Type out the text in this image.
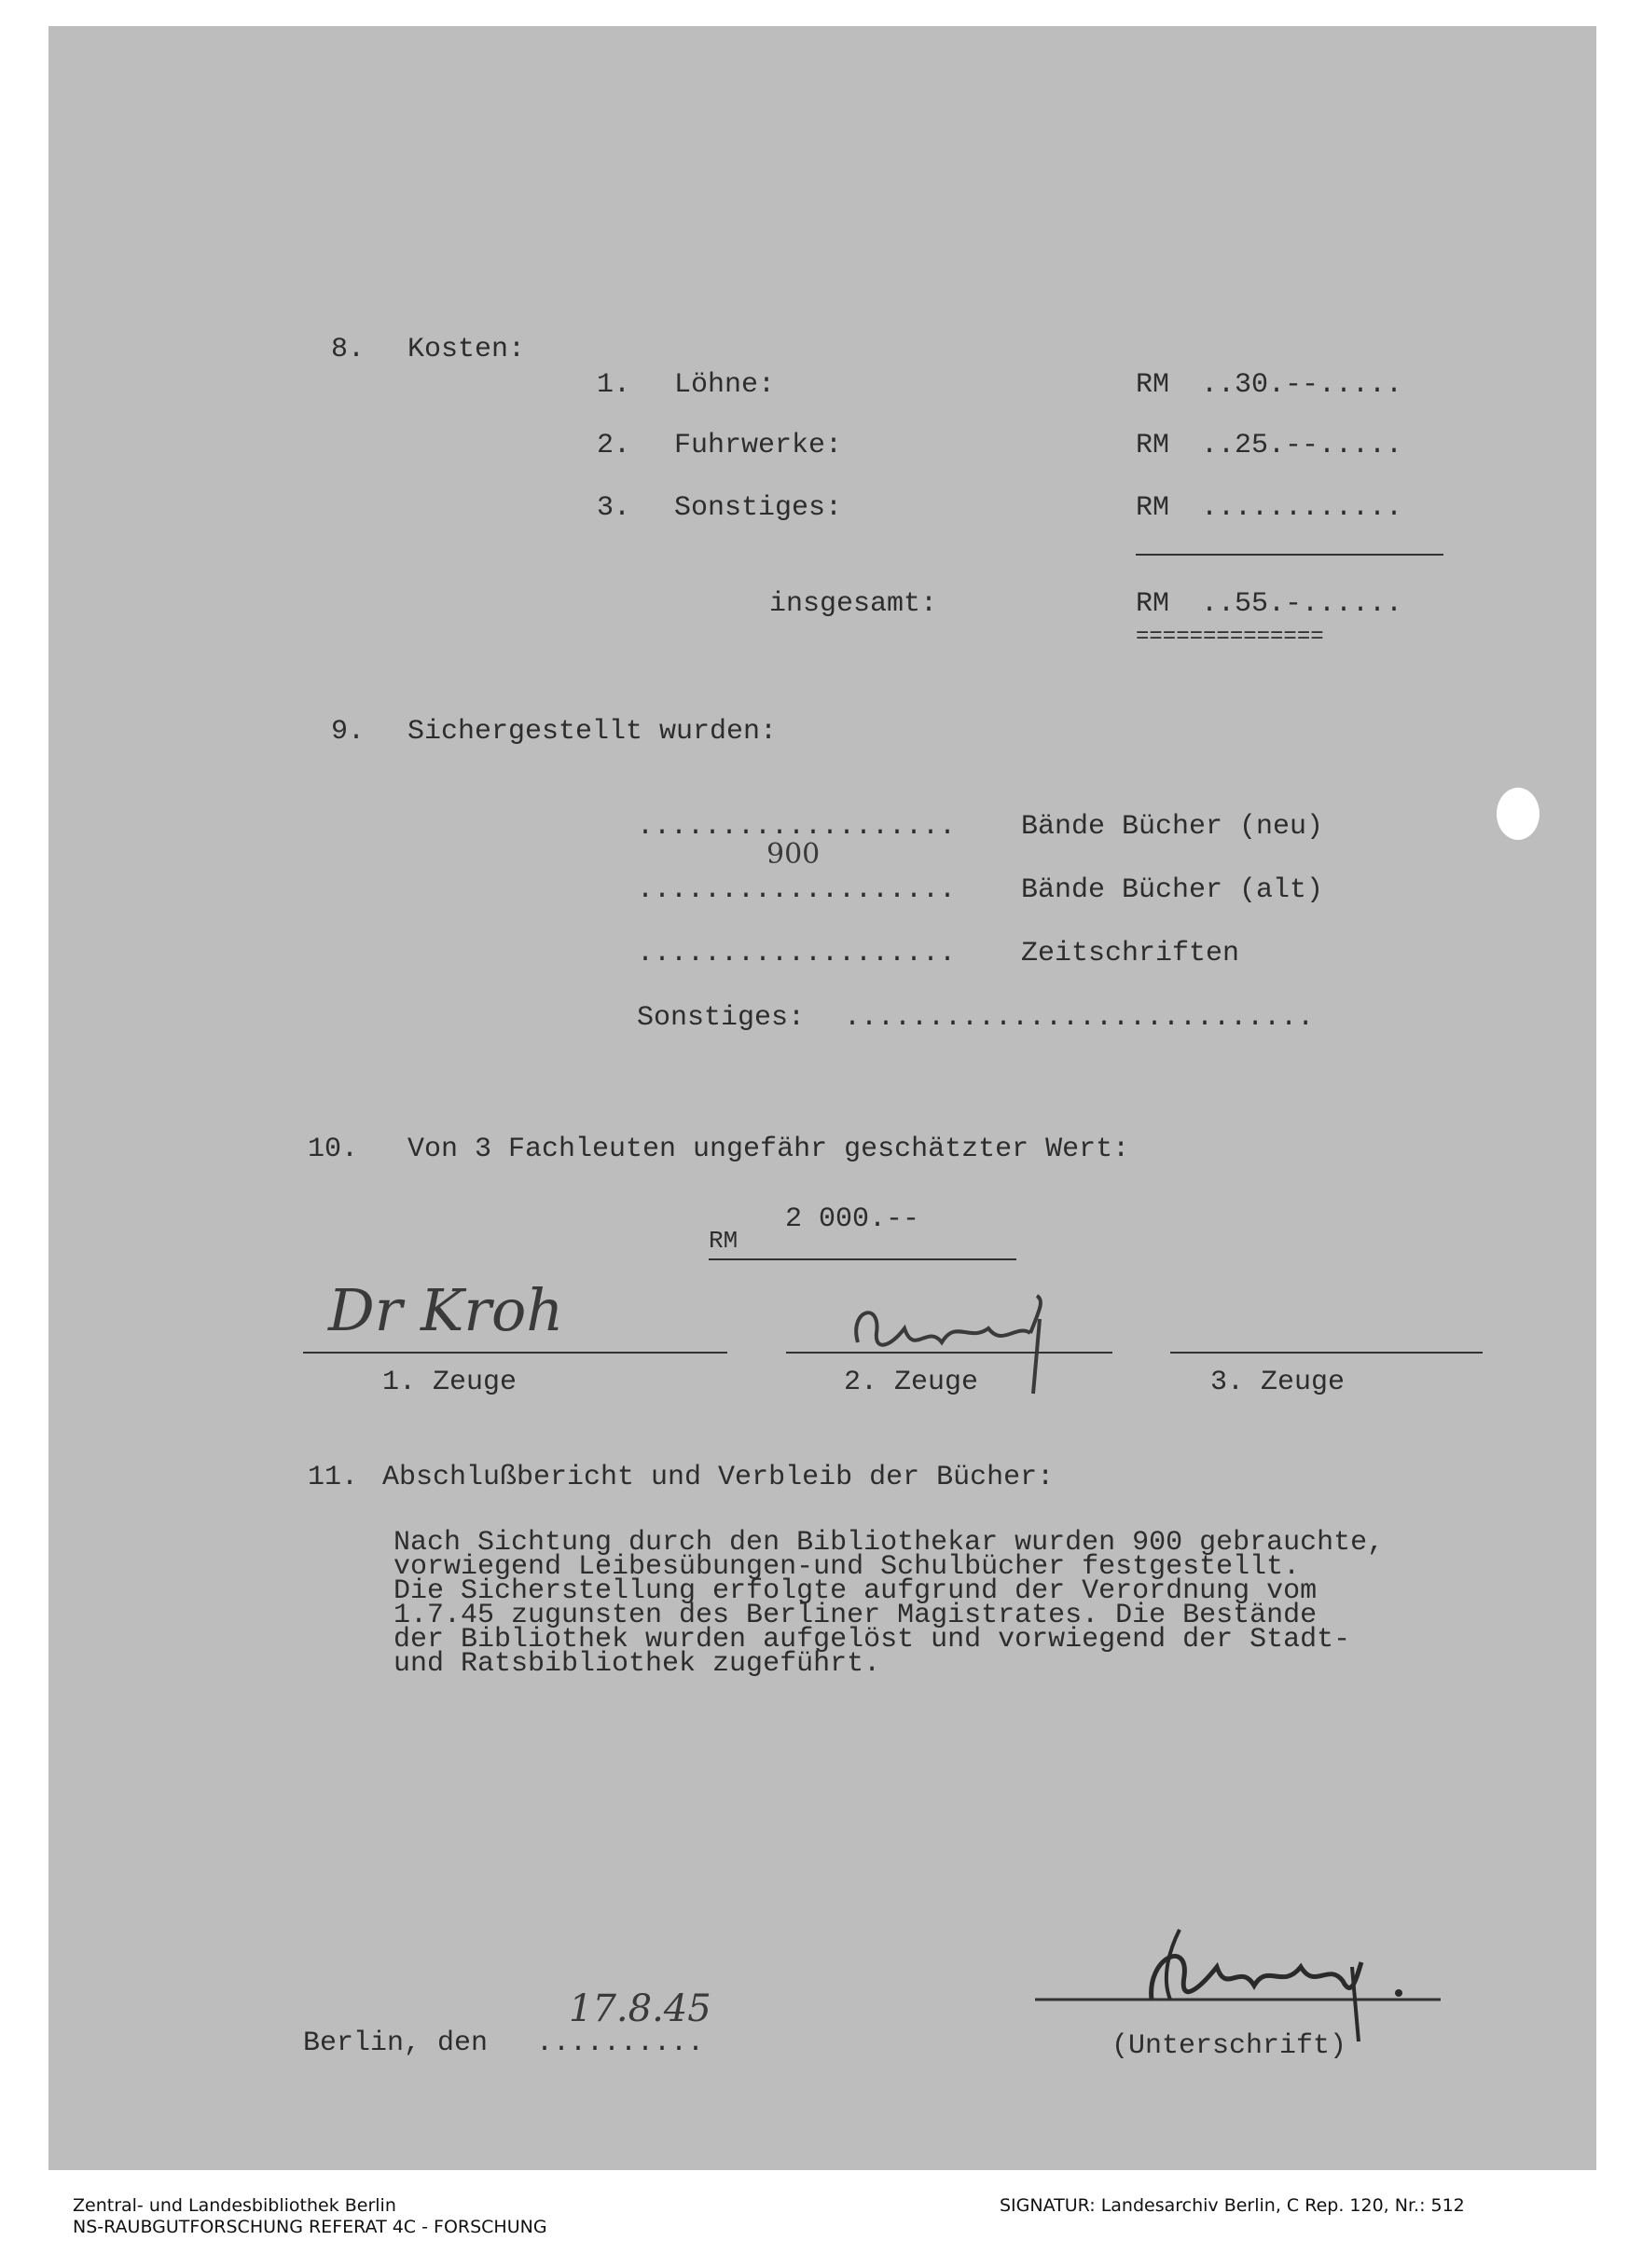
8. Kosten:
1. Löhne:	RM ..30.--.....
2. Fuhrwerke:	RM ..25.--.....
3. Sonstiges:	RM ............
insgesamt:	RM ..55.-......
==============
9. Sichergestellt wurden:
................... Bände Bücher (neu)
900
................... Bände Bücher (alt)
................... Zeitschriften
Sonstiges: ............................
10. Von 3 Fachleuten ungefähr geschätzter Wert:
2 000.--
RM
Dr Kroh
1. Zeuge	2. Zeuge	3. Zeuge
11. Abschlußbericht und Verbleib der Bücher:
Nach Sichtung durch den Bibliothekar wurden 900 gebrauchte,
vorwiegend Leibesübungen-und Schulbücher festgestellt.
Die Sicherstellung erfolgte aufgrund der Verordnung vom
1.7.45 zugunsten des Berliner Magistrates. Die Bestände
der Bibliothek wurden aufgelöst und vorwiegend der Stadt-
und Ratsbibliothek zugeführt.
17.8.45
Berlin, den ..........	(Unterschrift)
Zentral- und Landesbibliothek Berlin
NS-RAUBGUTFORSCHUNG REFERAT 4C - FORSCHUNG
SIGNATUR: Landesarchiv Berlin, C Rep. 120, Nr.: 512
